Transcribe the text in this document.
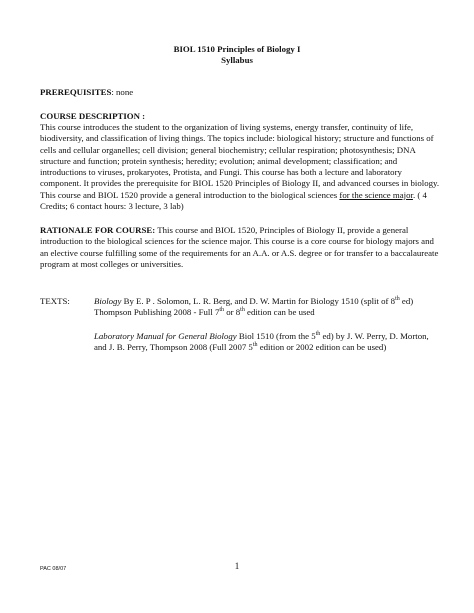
BIOL 1510 Principles of Biology I
Syllabus
PREREQUISITES: none
COURSE DESCRIPTION :
This course introduces the student to the organization of living systems, energy transfer, continuity of life, biodiversity, and classification of living things. The topics include: biological history; structure and functions of cells and cellular organelles; cell division; general biochemistry; cellular respiration; photosynthesis; DNA structure and function; protein synthesis; heredity; evolution; animal development; classification; and introductions to viruses, prokaryotes, Protista, and Fungi. This course has both a lecture and laboratory component. It provides the prerequisite for BIOL 1520 Principles of Biology II, and advanced courses in biology. This course and BIOL 1520 provide a general introduction to the biological sciences for the science major. ( 4 Credits; 6 contact hours: 3 lecture, 3 lab)
RATIONALE FOR COURSE: This course and BIOL 1520, Principles of Biology II, provide a general introduction to the biological sciences for the science major. This course is a core course for biology majors and an elective course fulfilling some of the requirements for an A.A. or A.S. degree or for transfer to a baccalaureate program at most colleges or universities.
TEXTS:	Biology By E. P . Solomon, L. R. Berg, and D. W. Martin for Biology 1510 (split of 8th ed) Thompson Publishing 2008 - Full 7th or 8th edition can be used
Laboratory Manual for General Biology Biol 1510 (from the 5th ed) by J. W. Perry, D. Morton, and J. B. Perry, Thompson 2008 (Full 2007 5th edition or 2002 edition can be used)
PAC 08/07	1
